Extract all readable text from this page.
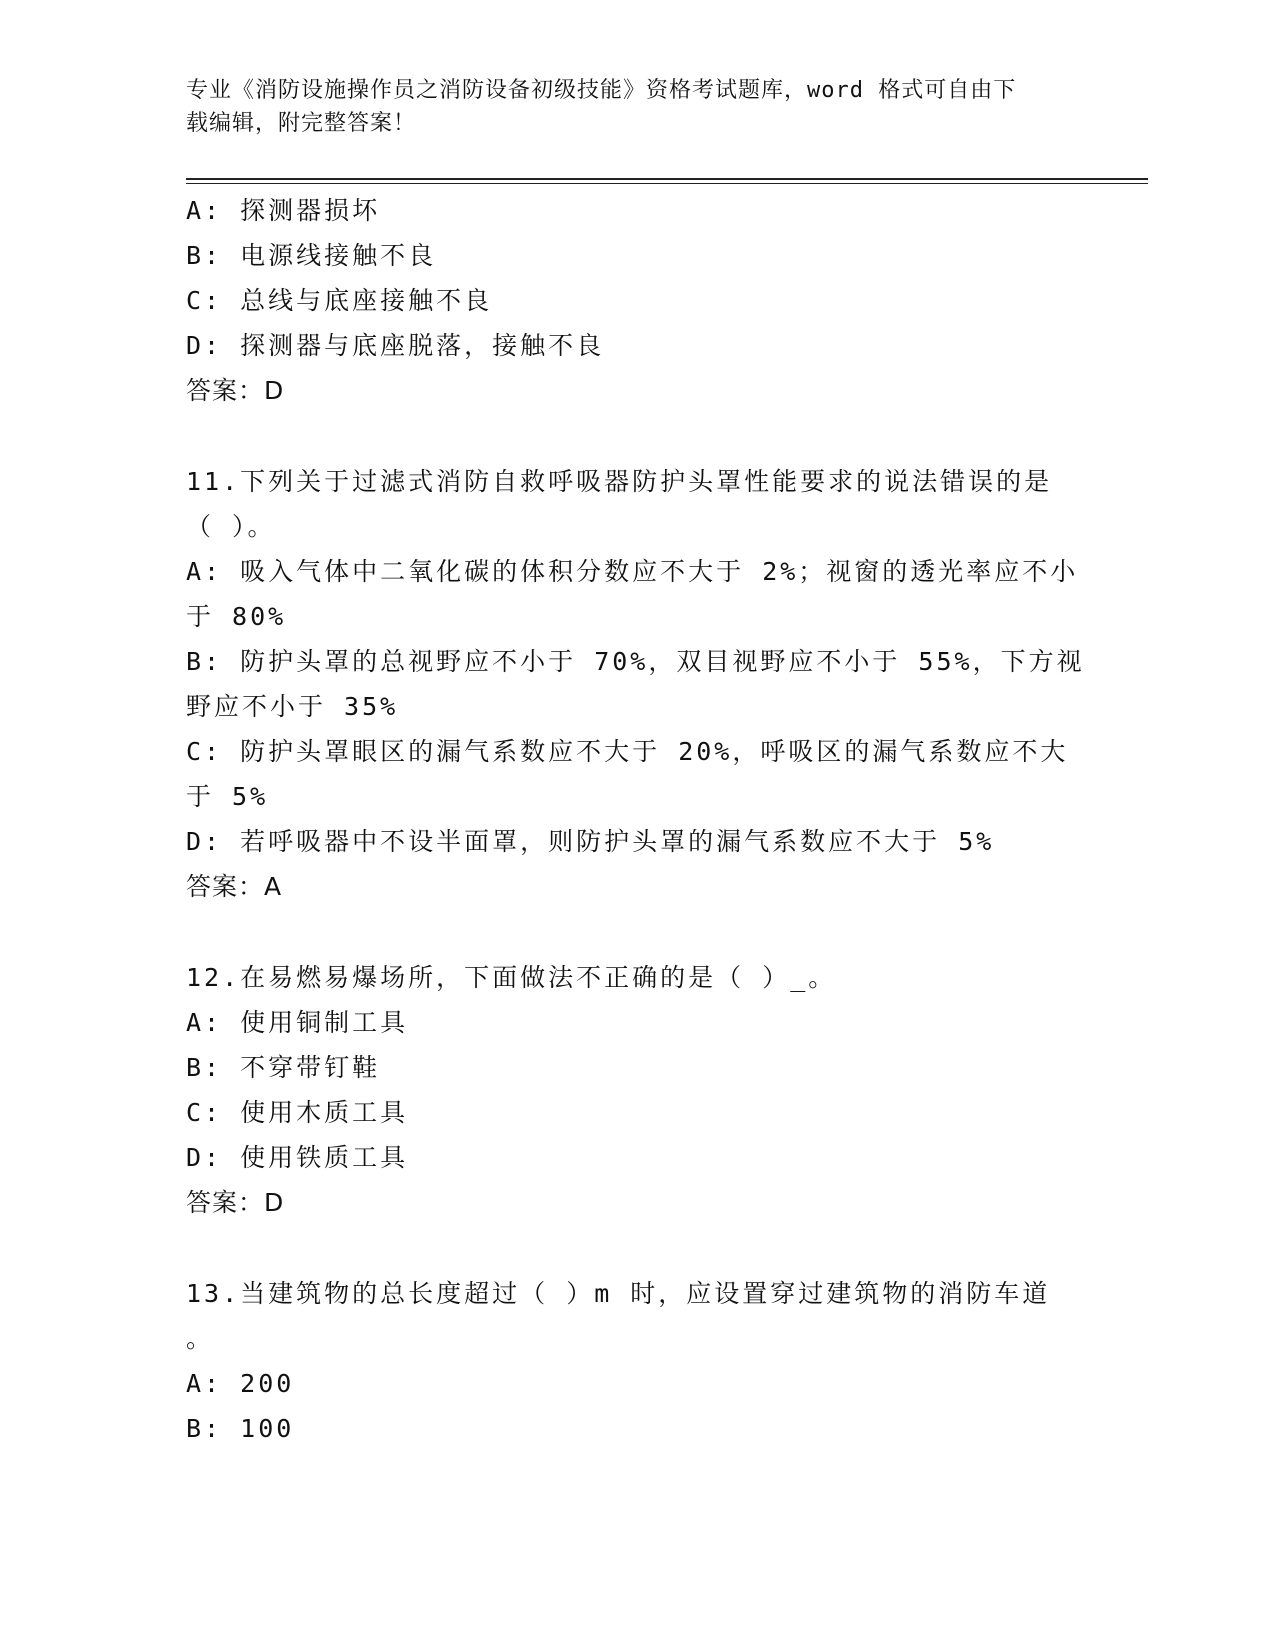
专业《消防设施操作员之消防设备初级技能》资格考试题库，word 格式可自由下
载编辑，附完整答案！
A: 探测器损坏
B: 电源线接触不良
C: 总线与底座接触不良
D: 探测器与底座脱落，接触不良
答案：D
11.下列关于过滤式消防自救呼吸器防护头罩性能要求的说法错误的是
（ ）。
A: 吸入气体中二氧化碳的体积分数应不大于 2%；视窗的透光率应不小
于 80%
B: 防护头罩的总视野应不小于 70%，双目视野应不小于 55%，下方视
野应不小于 35%
C: 防护头罩眼区的漏气系数应不大于 20%，呼吸区的漏气系数应不大
于 5%
D: 若呼吸器中不设半面罩，则防护头罩的漏气系数应不大于 5%
答案：A
12.在易燃易爆场所，下面做法不正确的是（ ）_。
A: 使用铜制工具
B: 不穿带钉鞋
C: 使用木质工具
D: 使用铁质工具
答案：D
13.当建筑物的总长度超过（ ）m 时，应设置穿过建筑物的消防车道
。
A: 200
B: 100
